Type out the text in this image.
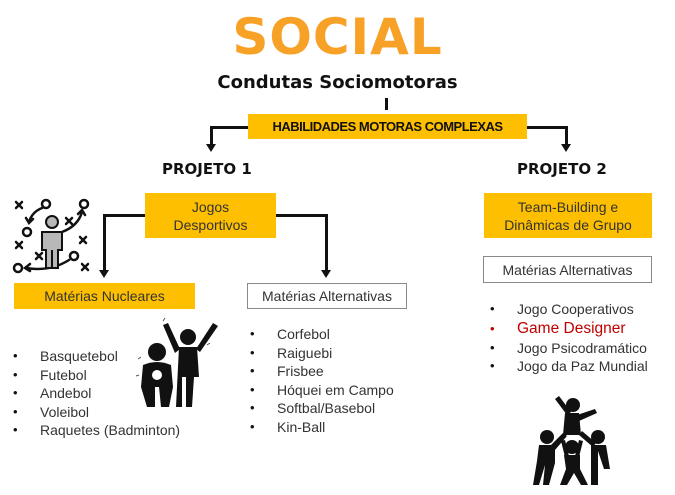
SOCIAL
Condutas Sociomotoras
HABILIDADES MOTORAS COMPLEXAS
PROJETO 1	PROJETO 2
Jogos
Desportivos
Matérias Nucleares	Matérias Alternativas
• Basquetebol
• Futebol
• Andebol
• Voleibol
• Raquetes (Badminton)
• Corfebol
• Raiguebi
• Frisbee
• Hóquei em Campo
• Softbal/Basebol
• Kin-Ball
Team-Building e
Dinâmicas de Grupo
Matérias Alternativas
• Jogo Cooperativos
• Game Designer
• Jogo Psicodramático
• Jogo da Paz Mundial
